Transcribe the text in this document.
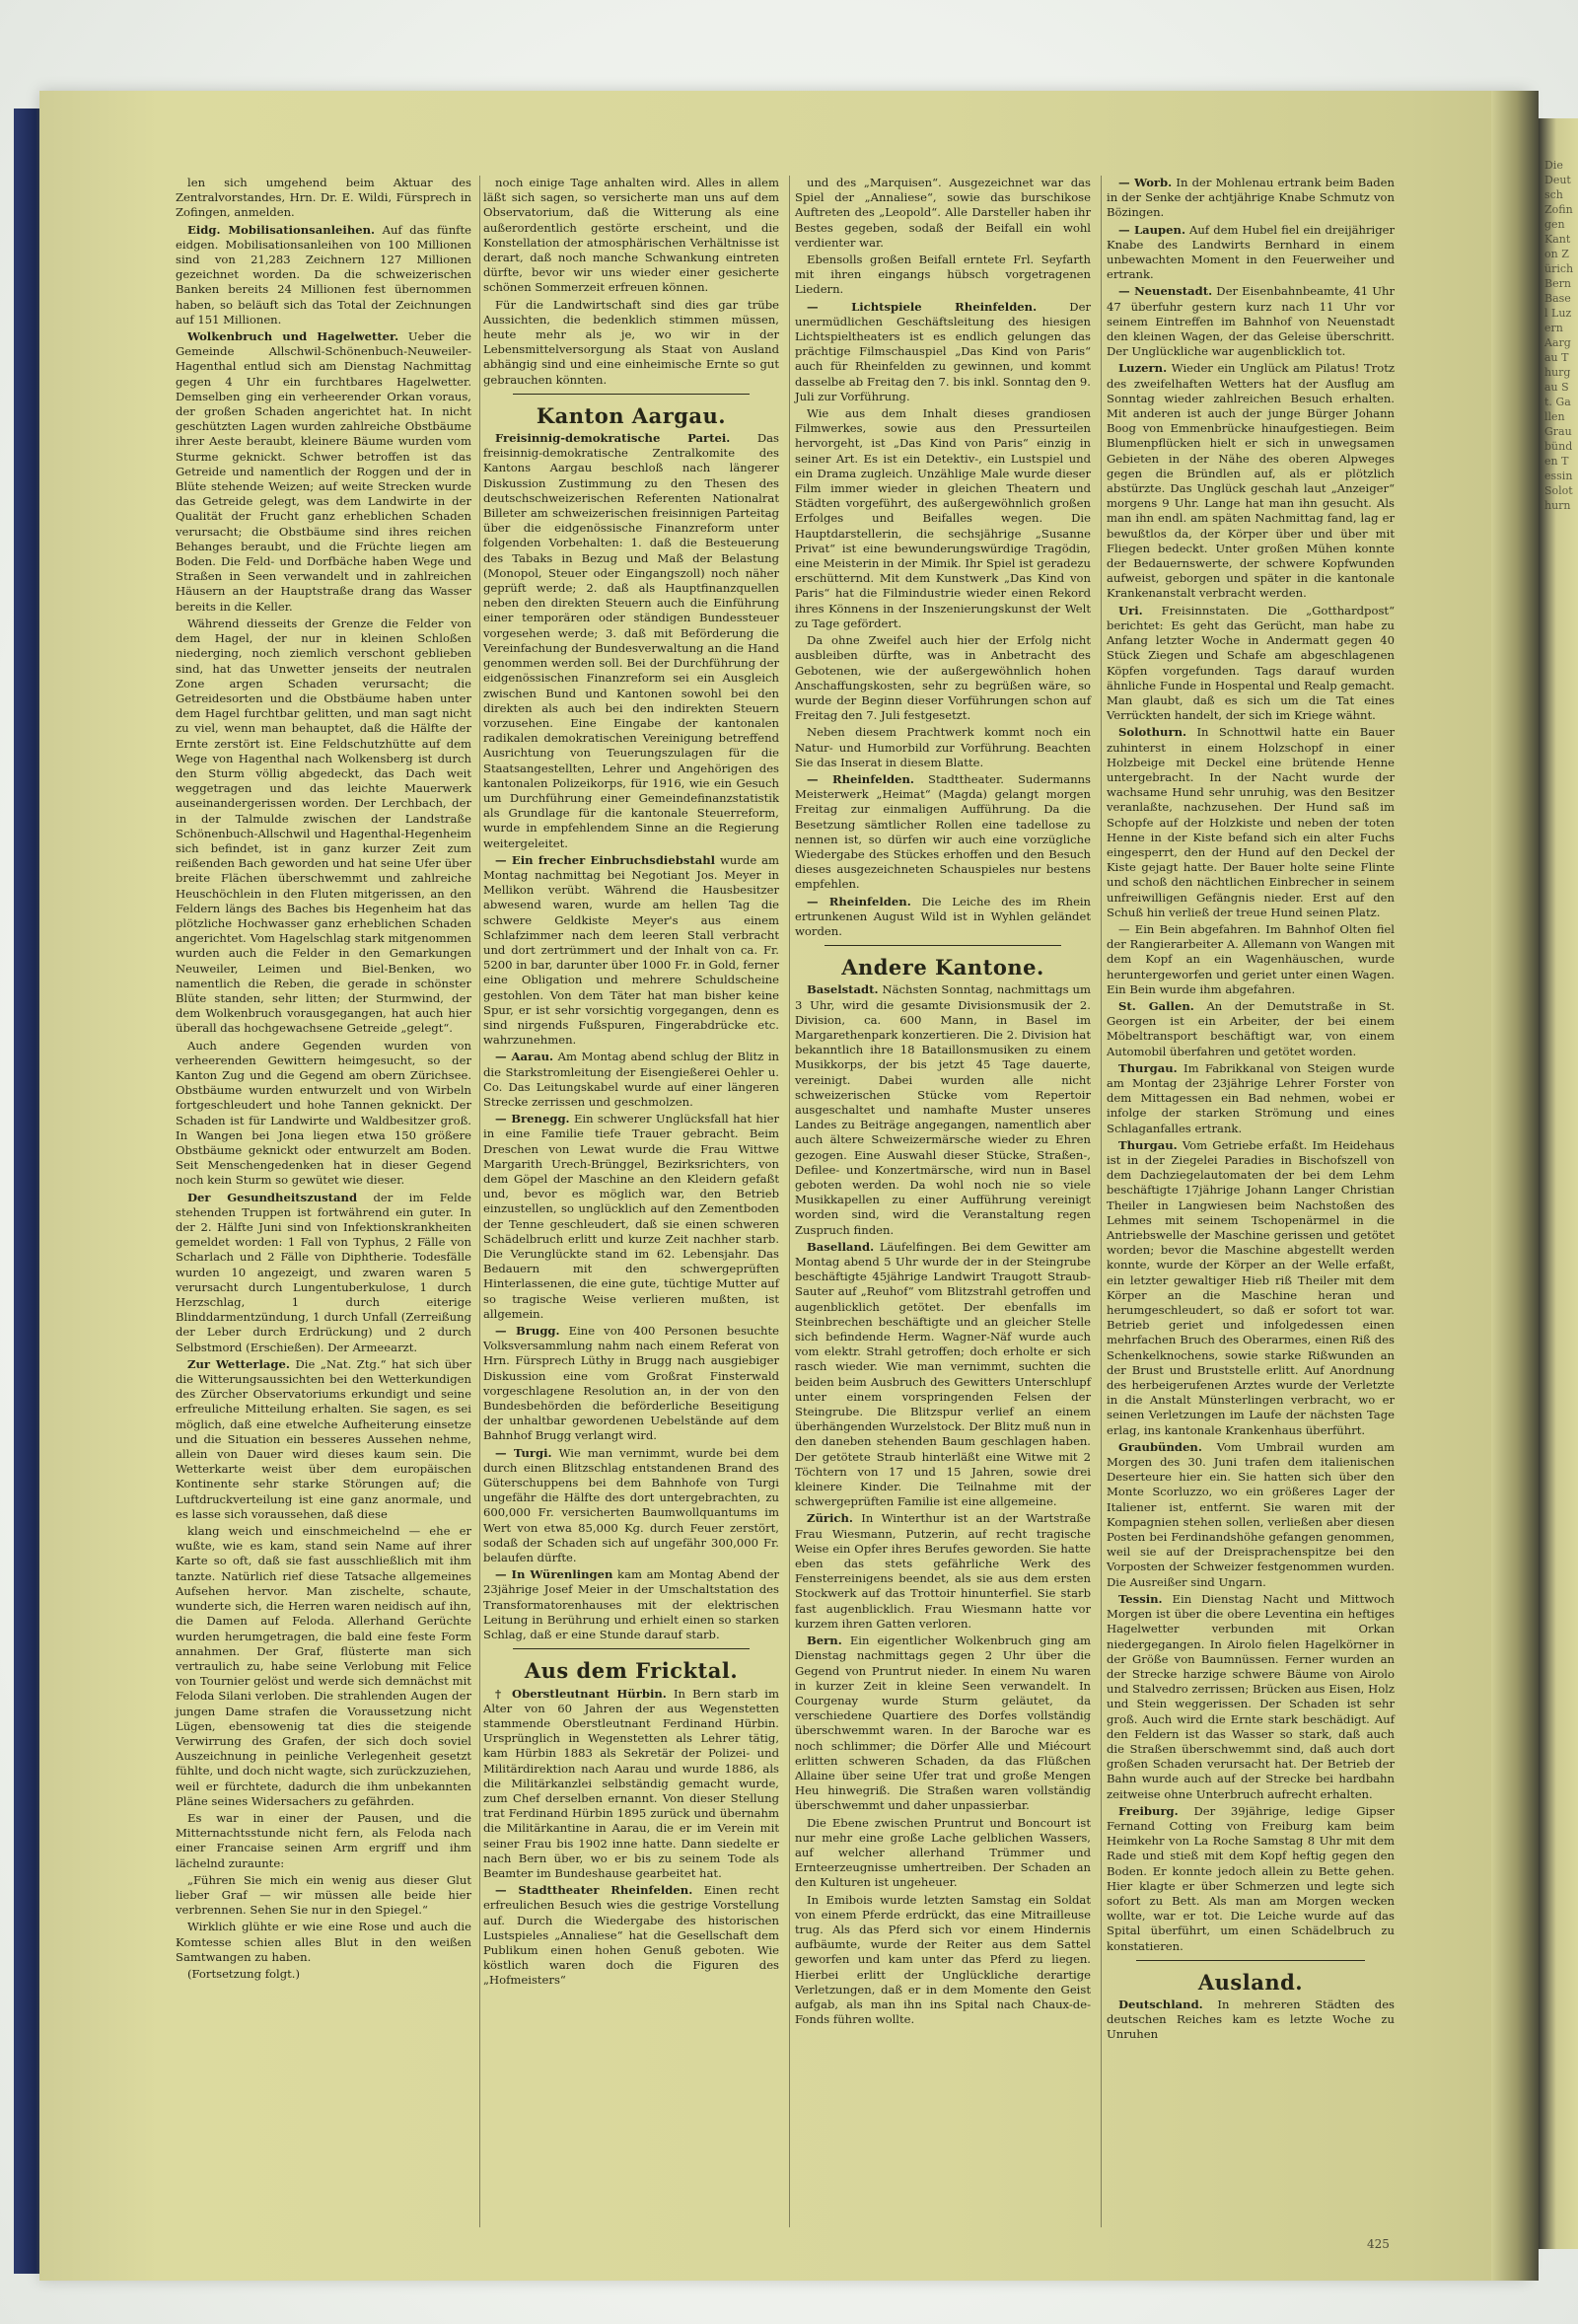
Die Deutsch Zofingen Kanton Zürich Bern Basel Luzern Aargau Thurgau St. Gallen Graubünden Tessin Solothurn

len sich umgehend beim Aktuar des Zentralvorstandes, Hrn. Dr. E. Wildi, Fürsprech in Zofingen, anmelden.

Eidg. Mobilisationsanleihen. Auf das fünfte eidgen. Mobilisationsanleihen von 100 Millionen sind von 21,283 Zeichnern 127 Millionen gezeichnet worden. Da die schweizerischen Banken bereits 24 Millionen fest übernommen haben, so beläuft sich das Total der Zeichnungen auf 151 Millionen.

Wolkenbruch und Hagelwetter. Ueber die Gemeinde Allschwil-Schönenbuch-Neuweiler-Hagenthal entlud sich am Dienstag Nachmittag gegen 4 Uhr ein furchtbares Hagelwetter. Demselben ging ein verheerender Orkan voraus, der großen Schaden angerichtet hat. In nicht geschützten Lagen wurden zahlreiche Obstbäume ihrer Aeste beraubt, kleinere Bäume wurden vom Sturme geknickt. Schwer betroffen ist das Getreide und namentlich der Roggen und der in Blüte stehende Weizen; auf weite Strecken wurde das Getreide gelegt, was dem Landwirte in der Qualität der Frucht ganz erheblichen Schaden verursacht; die Obstbäume sind ihres reichen Behanges beraubt, und die Früchte liegen am Boden. Die Feld- und Dorfbäche haben Wege und Straßen in Seen verwandelt und in zahlreichen Häusern an der Hauptstraße drang das Wasser bereits in die Keller.

Während diesseits der Grenze die Felder von dem Hagel, der nur in kleinen Schloßen niederging, noch ziemlich verschont geblieben sind, hat das Unwetter jenseits der neutralen Zone argen Schaden verursacht; die Getreidesorten und die Obstbäume haben unter dem Hagel furchtbar gelitten, und man sagt nicht zu viel, wenn man behauptet, daß die Hälfte der Ernte zerstört ist. Eine Feldschutzhütte auf dem Wege von Hagenthal nach Wolkensberg ist durch den Sturm völlig abgedeckt, das Dach weit weggetragen und das leichte Mauerwerk auseinandergerissen worden. Der Lerchbach, der in der Talmulde zwischen der Landstraße Schönenbuch-Allschwil und Hagenthal-Hegenheim sich befindet, ist in ganz kurzer Zeit zum reißenden Bach geworden und hat seine Ufer über breite Flächen überschwemmt und zahlreiche Heuschöchlein in den Fluten mitgerissen, an den Feldern längs des Baches bis Hegenheim hat das plötzliche Hochwasser ganz erheblichen Schaden angerichtet. Vom Hagelschlag stark mitgenommen wurden auch die Felder in den Gemarkungen Neuweiler, Leimen und Biel-Benken, wo namentlich die Reben, die gerade in schönster Blüte standen, sehr litten; der Sturmwind, der dem Wolkenbruch vorausgegangen, hat auch hier überall das hochgewachsene Getreide „gelegt“.

Auch andere Gegenden wurden von verheerenden Gewittern heimgesucht, so der Kanton Zug und die Gegend am obern Zürichsee. Obstbäume wurden entwurzelt und von Wirbeln fortgeschleudert und hohe Tannen geknickt. Der Schaden ist für Landwirte und Waldbesitzer groß. In Wangen bei Jona liegen etwa 150 größere Obstbäume geknickt oder entwurzelt am Boden. Seit Menschengedenken hat in dieser Gegend noch kein Sturm so gewütet wie dieser.

Der Gesundheitszustand der im Felde stehenden Truppen ist fortwährend ein guter. In der 2. Hälfte Juni sind von Infektionskrankheiten gemeldet worden: 1 Fall von Typhus, 2 Fälle von Scharlach und 2 Fälle von Diphtherie. Todesfälle wurden 10 angezeigt, und zwaren waren 5 verursacht durch Lungentuberkulose, 1 durch Herzschlag, 1 durch eiterige Blinddarmentzündung, 1 durch Unfall (Zerreißung der Leber durch Erdrückung) und 2 durch Selbstmord (Erschießen). Der Armeearzt.

Zur Wetterlage. Die „Nat. Ztg.“ hat sich über die Witterungsaussichten bei den Wetterkundigen des Zürcher Observatoriums erkundigt und seine erfreuliche Mitteilung erhalten. Sie sagen, es sei möglich, daß eine etwelche Aufheiterung einsetze und die Situation ein besseres Aussehen nehme, allein von Dauer wird dieses kaum sein. Die Wetterkarte weist über dem europäischen Kontinente sehr starke Störungen auf; die Luftdruckverteilung ist eine ganz anormale, und es lasse sich voraussehen, daß diese

klang weich und einschmeichelnd — ehe er wußte, wie es kam, stand sein Name auf ihrer Karte so oft, daß sie fast ausschließlich mit ihm tanzte. Natürlich rief diese Tatsache allgemeines Aufsehen hervor. Man zischelte, schaute, wunderte sich, die Herren waren neidisch auf ihn, die Damen auf Feloda. Allerhand Gerüchte wurden herumgetragen, die bald eine feste Form annahmen. Der Graf, flüsterte man sich vertraulich zu, habe seine Verlobung mit Felice von Tournier gelöst und werde sich demnächst mit Feloda Silani verloben. Die strahlenden Augen der jungen Dame strafen die Voraussetzung nicht Lügen, ebensowenig tat dies die steigende Verwirrung des Grafen, der sich doch soviel Auszeichnung in peinliche Verlegenheit gesetzt fühlte, und doch nicht wagte, sich zurückzuziehen, weil er fürchtete, dadurch die ihm unbekannten Pläne seines Widersachers zu gefährden.

Es war in einer der Pausen, und die Mitternachtsstunde nicht fern, als Feloda nach einer Francaise seinen Arm ergriff und ihm lächelnd zuraunte:

„Führen Sie mich ein wenig aus dieser Glut lieber Graf — wir müssen alle beide hier verbrennen. Sehen Sie nur in den Spiegel.“

Wirklich glühte er wie eine Rose und auch die Komtesse schien alles Blut in den weißen Samtwangen zu haben.

(Fortsetzung folgt.)

noch einige Tage anhalten wird. Alles in allem läßt sich sagen, so versicherte man uns auf dem Observatorium, daß die Witterung als eine außerordentlich gestörte erscheint, und die Konstellation der atmosphärischen Verhältnisse ist derart, daß noch manche Schwankung eintreten dürfte, bevor wir uns wieder einer gesicherte schönen Sommerzeit erfreuen können.

Für die Landwirtschaft sind dies gar trübe Aussichten, die bedenklich stimmen müssen, heute mehr als je, wo wir in der Lebensmittelversorgung als Staat von Ausland abhängig sind und eine einheimische Ernte so gut gebrauchen könnten.

Kanton Aargau.

Freisinnig-demokratische Partei. Das freisinnig-demokratische Zentralkomite des Kantons Aargau beschloß nach längerer Diskussion Zustimmung zu den Thesen des deutschschweizerischen Referenten Nationalrat Billeter am schweizerischen freisinnigen Parteitag über die eidgenössische Finanzreform unter folgenden Vorbehalten: 1. daß die Besteuerung des Tabaks in Bezug und Maß der Belastung (Monopol, Steuer oder Eingangszoll) noch näher geprüft werde; 2. daß als Hauptfinanzquellen neben den direkten Steuern auch die Einführung einer temporären oder ständigen Bundessteuer vorgesehen werde; 3. daß mit Beförderung die Vereinfachung der Bundesverwaltung an die Hand genommen werden soll. Bei der Durchführung der eidgenössischen Finanzreform sei ein Ausgleich zwischen Bund und Kantonen sowohl bei den direkten als auch bei den indirekten Steuern vorzusehen. Eine Eingabe der kantonalen radikalen demokratischen Vereinigung betreffend Ausrichtung von Teuerungszulagen für die Staatsangestellten, Lehrer und Angehörigen des kantonalen Polizeikorps, für 1916, wie ein Gesuch um Durchführung einer Gemeindefinanzstatistik als Grundlage für die kantonale Steuerreform, wurde in empfehlendem Sinne an die Regierung weitergeleitet.

— Ein frecher Einbruchsdiebstahl wurde am Montag nachmittag bei Negotiant Jos. Meyer in Mellikon verübt. Während die Hausbesitzer abwesend waren, wurde am hellen Tag die schwere Geldkiste Meyer's aus einem Schlafzimmer nach dem leeren Stall verbracht und dort zertrümmert und der Inhalt von ca. Fr. 5200 in bar, darunter über 1000 Fr. in Gold, ferner eine Obligation und mehrere Schuldscheine gestohlen. Von dem Täter hat man bisher keine Spur, er ist sehr vorsichtig vorgegangen, denn es sind nirgends Fußspuren, Fingerabdrücke etc. wahrzunehmen.

— Aarau. Am Montag abend schlug der Blitz in die Starkstromleitung der Eisengießerei Oehler u. Co. Das Leitungskabel wurde auf einer längeren Strecke zerrissen und geschmolzen.

— Brenegg. Ein schwerer Unglücksfall hat hier in eine Familie tiefe Trauer gebracht. Beim Dreschen von Lewat wurde die Frau Wittwe Margarith Urech-Brünggel, Bezirksrichters, von dem Göpel der Maschine an den Kleidern gefaßt und, bevor es möglich war, den Betrieb einzustellen, so unglücklich auf den Zementboden der Tenne geschleudert, daß sie einen schweren Schädelbruch erlitt und kurze Zeit nachher starb. Die Verunglückte stand im 62. Lebensjahr. Das Bedauern mit den schwergeprüften Hinterlassenen, die eine gute, tüchtige Mutter auf so tragische Weise verlieren mußten, ist allgemein.

— Brugg. Eine von 400 Personen besuchte Volksversammlung nahm nach einem Referat von Hrn. Fürsprech Lüthy in Brugg nach ausgiebiger Diskussion eine vom Großrat Finsterwald vorgeschlagene Resolution an, in der von den Bundesbehörden die beförderliche Beseitigung der unhaltbar gewordenen Uebelstände auf dem Bahnhof Brugg verlangt wird.

— Turgi. Wie man vernimmt, wurde bei dem durch einen Blitzschlag entstandenen Brand des Güterschuppens bei dem Bahnhofe von Turgi ungefähr die Hälfte des dort untergebrachten, zu 600,000 Fr. versicherten Baumwollquantums im Wert von etwa 85,000 Kg. durch Feuer zerstört, sodaß der Schaden sich auf ungefähr 300,000 Fr. belaufen dürfte.

— In Würenlingen kam am Montag Abend der 23jährige Josef Meier in der Umschaltstation des Transformatorenhauses mit der elektrischen Leitung in Berührung und erhielt einen so starken Schlag, daß er eine Stunde darauf starb.

Aus dem Fricktal.

† Oberstleutnant Hürbin. In Bern starb im Alter von 60 Jahren der aus Wegenstetten stammende Oberstleutnant Ferdinand Hürbin. Ursprünglich in Wegenstetten als Lehrer tätig, kam Hürbin 1883 als Sekretär der Polizei- und Militärdirektion nach Aarau und wurde 1886, als die Militärkanzlei selbständig gemacht wurde, zum Chef derselben ernannt. Von dieser Stellung trat Ferdinand Hürbin 1895 zurück und übernahm die Militärkantine in Aarau, die er im Verein mit seiner Frau bis 1902 inne hatte. Dann siedelte er nach Bern über, wo er bis zu seinem Tode als Beamter im Bundeshause gearbeitet hat.

— Stadttheater Rheinfelden. Einen recht erfreulichen Besuch wies die gestrige Vorstellung auf. Durch die Wiedergabe des historischen Lustspieles „Annaliese“ hat die Gesellschaft dem Publikum einen hohen Genuß geboten. Wie köstlich waren doch die Figuren des „Hofmeisters“

und des „Marquisen“. Ausgezeichnet war das Spiel der „Annaliese“, sowie das burschikose Auftreten des „Leopold“. Alle Darsteller haben ihr Bestes gegeben, sodaß der Beifall ein wohl verdienter war.

Ebensolls großen Beifall erntete Frl. Seyfarth mit ihren eingangs hübsch vorgetragenen Liedern.

— Lichtspiele Rheinfelden.	Der unermüdlichen Geschäftsleitung des hiesigen Lichtspieltheaters ist es endlich gelungen das prächtige Filmschauspiel „Das Kind von Paris“ auch für Rheinfelden zu gewinnen, und kommt dasselbe ab Freitag den 7. bis inkl. Sonntag den 9. Juli zur Vorführung.

Wie aus dem Inhalt dieses grandiosen Filmwerkes, sowie aus den Pressurteilen hervorgeht, ist „Das Kind von Paris“ einzig in seiner Art. Es ist ein Detektiv-, ein Lustspiel und ein Drama zugleich. Unzählige Male wurde dieser Film immer wieder in gleichen Theatern und Städten vorgeführt, des außergewöhnlich großen Erfolges und Beifalles wegen. Die Hauptdarstellerin, die sechsjährige „Susanne Privat“ ist eine bewunderungswürdige Tragödin, eine Meisterin in der Mimik. Ihr Spiel ist geradezu erschütternd. Mit dem Kunstwerk „Das Kind von Paris“ hat die Filmindustrie wieder einen Rekord ihres Könnens in der Inszenierungskunst der Welt zu Tage gefördert.

Da ohne Zweifel auch hier der Erfolg nicht ausbleiben dürfte, was in Anbetracht des Gebotenen, wie der außergewöhnlich hohen Anschaffungskosten, sehr zu begrüßen wäre, so wurde der Beginn dieser Vorführungen schon auf Freitag den 7. Juli festgesetzt.

Neben diesem Prachtwerk kommt noch ein Natur- und Humorbild zur Vorführung. Beachten Sie das Inserat in diesem Blatte.

— Rheinfelden. Stadttheater. Sudermanns Meisterwerk „Heimat“ (Magda) gelangt morgen Freitag zur einmaligen Aufführung. Da die Besetzung sämtlicher Rollen eine tadellose zu nennen ist, so dürfen wir auch eine vorzügliche Wiedergabe des Stückes erhoffen und den Besuch dieses ausgezeichneten Schauspieles nur bestens empfehlen.

— Rheinfelden. Die Leiche des im Rhein ertrunkenen August Wild ist in Wyhlen geländet worden.

Andere Kantone.

Baselstadt. Nächsten Sonntag, nachmittags um 3 Uhr, wird die gesamte Divisionsmusik der 2. Division, ca. 600 Mann, in Basel im Margarethenpark konzertieren. Die 2. Division hat bekanntlich ihre 18 Bataillonsmusiken zu einem Musikkorps, der bis jetzt 45 Tage dauerte, vereinigt. Dabei wurden alle nicht schweizerischen Stücke vom Repertoir ausgeschaltet und namhafte Muster unseres Landes zu Beiträge angegangen, namentlich aber auch ältere Schweizermärsche wieder zu Ehren gezogen. Eine Auswahl dieser Stücke, Straßen-, Defilee- und Konzertmärsche, wird nun in Basel geboten werden. Da wohl noch nie so viele Musikkapellen zu einer Aufführung vereinigt worden sind, wird die Veranstaltung regen Zuspruch finden.

Baselland. Läufelfingen. Bei dem Gewitter am Montag abend 5 Uhr wurde der in der Steingrube beschäftigte 45jährige Landwirt Traugott Straub-Sauter auf „Reuhof“ vom Blitzstrahl getroffen und augenblicklich getötet. Der ebenfalls im Steinbrechen beschäftigte und an gleicher Stelle sich befindende Herm. Wagner-Näf wurde auch vom elektr. Strahl getroffen; doch erholte er sich rasch wieder. Wie man vernimmt, suchten die beiden beim Ausbruch des Gewitters Unterschlupf unter einem vorspringenden Felsen der Steingrube. Die Blitzspur verlief an einem überhängenden Wurzelstock. Der Blitz muß nun in den daneben stehenden Baum geschlagen haben. Der getötete Straub hinterläßt eine Witwe mit 2 Töchtern von 17 und 15 Jahren, sowie drei kleinere Kinder. Die Teilnahme mit der schwergeprüften Familie ist eine allgemeine.

Zürich. In Winterthur ist an der Wartstraße Frau Wiesmann, Putzerin, auf recht tragische Weise ein Opfer ihres Berufes geworden. Sie hatte eben das stets gefährliche Werk des Fensterreinigens beendet, als sie aus dem ersten Stockwerk auf das Trottoir hinunterfiel. Sie starb fast augenblicklich. Frau Wiesmann hatte vor kurzem ihren Gatten verloren.

Bern. Ein eigentlicher Wolkenbruch ging am Dienstag nachmittags gegen 2 Uhr über die Gegend von Pruntrut nieder. In einem Nu waren in kurzer Zeit in kleine Seen verwandelt. In Courgenay wurde Sturm geläutet, da verschiedene Quartiere des Dorfes vollständig überschwemmt waren. In der Baroche war es noch schlimmer; die Dörfer Alle und Miécourt erlitten schweren Schaden, da das Flüßchen Allaine über seine Ufer trat und große Mengen Heu hinwegriß. Die Straßen waren vollständig überschwemmt und daher unpassierbar.

Die Ebene zwischen Pruntrut und Boncourt ist nur mehr eine große Lache gelblichen Wassers, auf welcher allerhand Trümmer und Ernteerzeugnisse umhertreiben. Der Schaden an den Kulturen ist ungeheuer.

In Emibois wurde letzten Samstag ein Soldat von einem Pferde erdrückt, das eine Mitrailleuse trug. Als das Pferd sich vor einem Hindernis aufbäumte, wurde der Reiter aus dem Sattel geworfen und kam unter das Pferd zu liegen. Hierbei erlitt der Unglückliche derartige Verletzungen, daß er in dem Momente den Geist aufgab, als man ihn ins Spital nach Chaux-de-Fonds führen wollte.

— Worb. In der Mohlenau ertrank beim Baden in der Senke der achtjährige Knabe Schmutz von Bözingen.

— Laupen. Auf dem Hubel fiel ein dreijähriger Knabe des Landwirts Bernhard in einem unbewachten Moment in den Feuerweiher und ertrank.

— Neuenstadt. Der Eisenbahnbeamte, 41 Uhr 47 überfuhr gestern kurz nach 11 Uhr vor seinem Eintreffen im Bahnhof von Neuenstadt den kleinen Wagen, der das Geleise überschritt. Der Unglückliche war augenblicklich tot.

Luzern. Wieder ein Unglück am Pilatus! Trotz des zweifelhaften Wetters hat der Ausflug am Sonntag wieder zahlreichen Besuch erhalten. Mit anderen ist auch der junge Bürger Johann Boog von Emmenbrücke hinaufgestiegen. Beim Blumenpflücken hielt er sich in unwegsamen Gebieten in der Nähe des oberen Alpweges gegen die Bründlen auf, als er plötzlich abstürzte. Das Unglück geschah laut „Anzeiger“ morgens 9 Uhr. Lange hat man ihn gesucht. Als man ihn endl. am späten Nachmittag fand, lag er bewußtlos da, der Körper über und über mit Fliegen bedeckt. Unter großen Mühen konnte der Bedauernswerte, der schwere Kopfwunden aufweist, geborgen und später in die kantonale Krankenanstalt verbracht werden.

Uri. Freisinnstaten. Die „Gotthardpost“ berichtet: Es geht das Gerücht, man habe zu Anfang letzter Woche in Andermatt gegen 40 Stück Ziegen und Schafe am abgeschlagenen Köpfen vorgefunden. Tags darauf wurden ähnliche Funde in Hospental und Realp gemacht. Man glaubt, daß es sich um die Tat eines Verrückten handelt, der sich im Kriege wähnt.

Solothurn. In Schnottwil hatte ein Bauer zuhinterst in einem Holzschopf in einer Holzbeige mit Deckel eine brütende Henne untergebracht. In der Nacht wurde der wachsame Hund sehr unruhig, was den Besitzer veranlaßte, nachzusehen. Der Hund saß im Schopfe auf der Holzkiste und neben der toten Henne in der Kiste befand sich ein alter Fuchs eingesperrt, den der Hund auf den Deckel der Kiste gejagt hatte. Der Bauer holte seine Flinte und schoß den nächtlichen Einbrecher in seinem unfreiwilligen Gefängnis nieder. Erst auf den Schuß hin verließ der treue Hund seinen Platz.

— Ein Bein abgefahren. Im Bahnhof Olten fiel der Rangierarbeiter A. Allemann von Wangen mit dem Kopf an ein Wagenhäuschen, wurde heruntergeworfen und geriet unter einen Wagen. Ein Bein wurde ihm abgefahren.

St. Gallen. An der Demutstraße in St. Georgen ist ein Arbeiter, der bei einem Möbeltransport beschäftigt war, von einem Automobil überfahren und getötet worden.

Thurgau. Im Fabrikkanal von Steigen wurde am Montag der 23jährige Lehrer Forster von dem Mittagessen ein Bad nehmen, wobei er infolge der starken Strömung und eines Schlaganfalles ertrank.

Thurgau. Vom Getriebe erfaßt. Im Heidehaus ist in der Ziegelei Paradies in Bischofszell von dem Dachziegelautomaten der bei dem Lehm beschäftigte 17jährige Johann Langer Christian Theiler in Langwiesen beim Nachstoßen des Lehmes mit seinem Tschopenärmel in die Antriebswelle der Maschine gerissen und getötet worden; bevor die Maschine abgestellt werden konnte, wurde der Körper an der Welle erfaßt, ein letzter gewaltiger Hieb riß Theiler mit dem Körper an die Maschine heran und herumgeschleudert, so daß er sofort tot war. Betrieb geriet und infolgedessen einen mehrfachen Bruch des Oberarmes, einen Riß des Schenkelknochens, sowie starke Rißwunden an der Brust und Bruststelle erlitt. Auf Anordnung des herbeigerufenen Arztes wurde der Verletzte in die Anstalt Münsterlingen verbracht, wo er seinen Verletzungen im Laufe der nächsten Tage erlag, ins kantonale Krankenhaus überführt.

Graubünden. Vom Umbrail wurden am Morgen des 30. Juni trafen dem italienischen Deserteure hier ein. Sie hatten sich über den Monte Scorluzzo, wo ein größeres Lager der Italiener ist, entfernt. Sie waren mit der Kompagnien stehen sollen, verließen aber diesen Posten bei Ferdinandshöhe gefangen genommen, weil sie auf der Dreisprachenspitze bei den Vorposten der Schweizer festgenommen wurden. Die Ausreißer sind Ungarn.

Tessin. Ein Dienstag Nacht und Mittwoch Morgen ist über die obere Leventina ein heftiges Hagelwetter verbunden mit Orkan niedergegangen. In Airolo fielen Hagelkörner in der Größe von Baumnüssen. Ferner wurden an der Strecke harzige schwere Bäume von Airolo und Stalvedro zerrissen; Brücken aus Eisen, Holz und Stein weggerissen. Der Schaden ist sehr groß. Auch wird die Ernte stark beschädigt. Auf den Feldern ist das Wasser so stark, daß auch die Straßen überschwemmt sind, daß auch dort großen Schaden verursacht hat. Der Betrieb der Bahn wurde auch auf der Strecke bei hardbahn zeitweise ohne Unterbruch aufrecht erhalten.

Freiburg. Der 39jährige, ledige Gipser Fernand Cotting von Freiburg kam beim Heimkehr von La Roche Samstag 8 Uhr mit dem Rade und stieß mit dem Kopf heftig gegen den Boden. Er konnte jedoch allein zu Bette gehen. Hier klagte er über Schmerzen und legte sich sofort zu Bett. Als man am Morgen wecken wollte, war er tot. Die Leiche wurde auf das Spital überführt, um einen Schädelbruch zu konstatieren.

Ausland.

Deutschland. In mehreren Städten des deutschen Reiches kam es letzte Woche zu Unruhen

425
